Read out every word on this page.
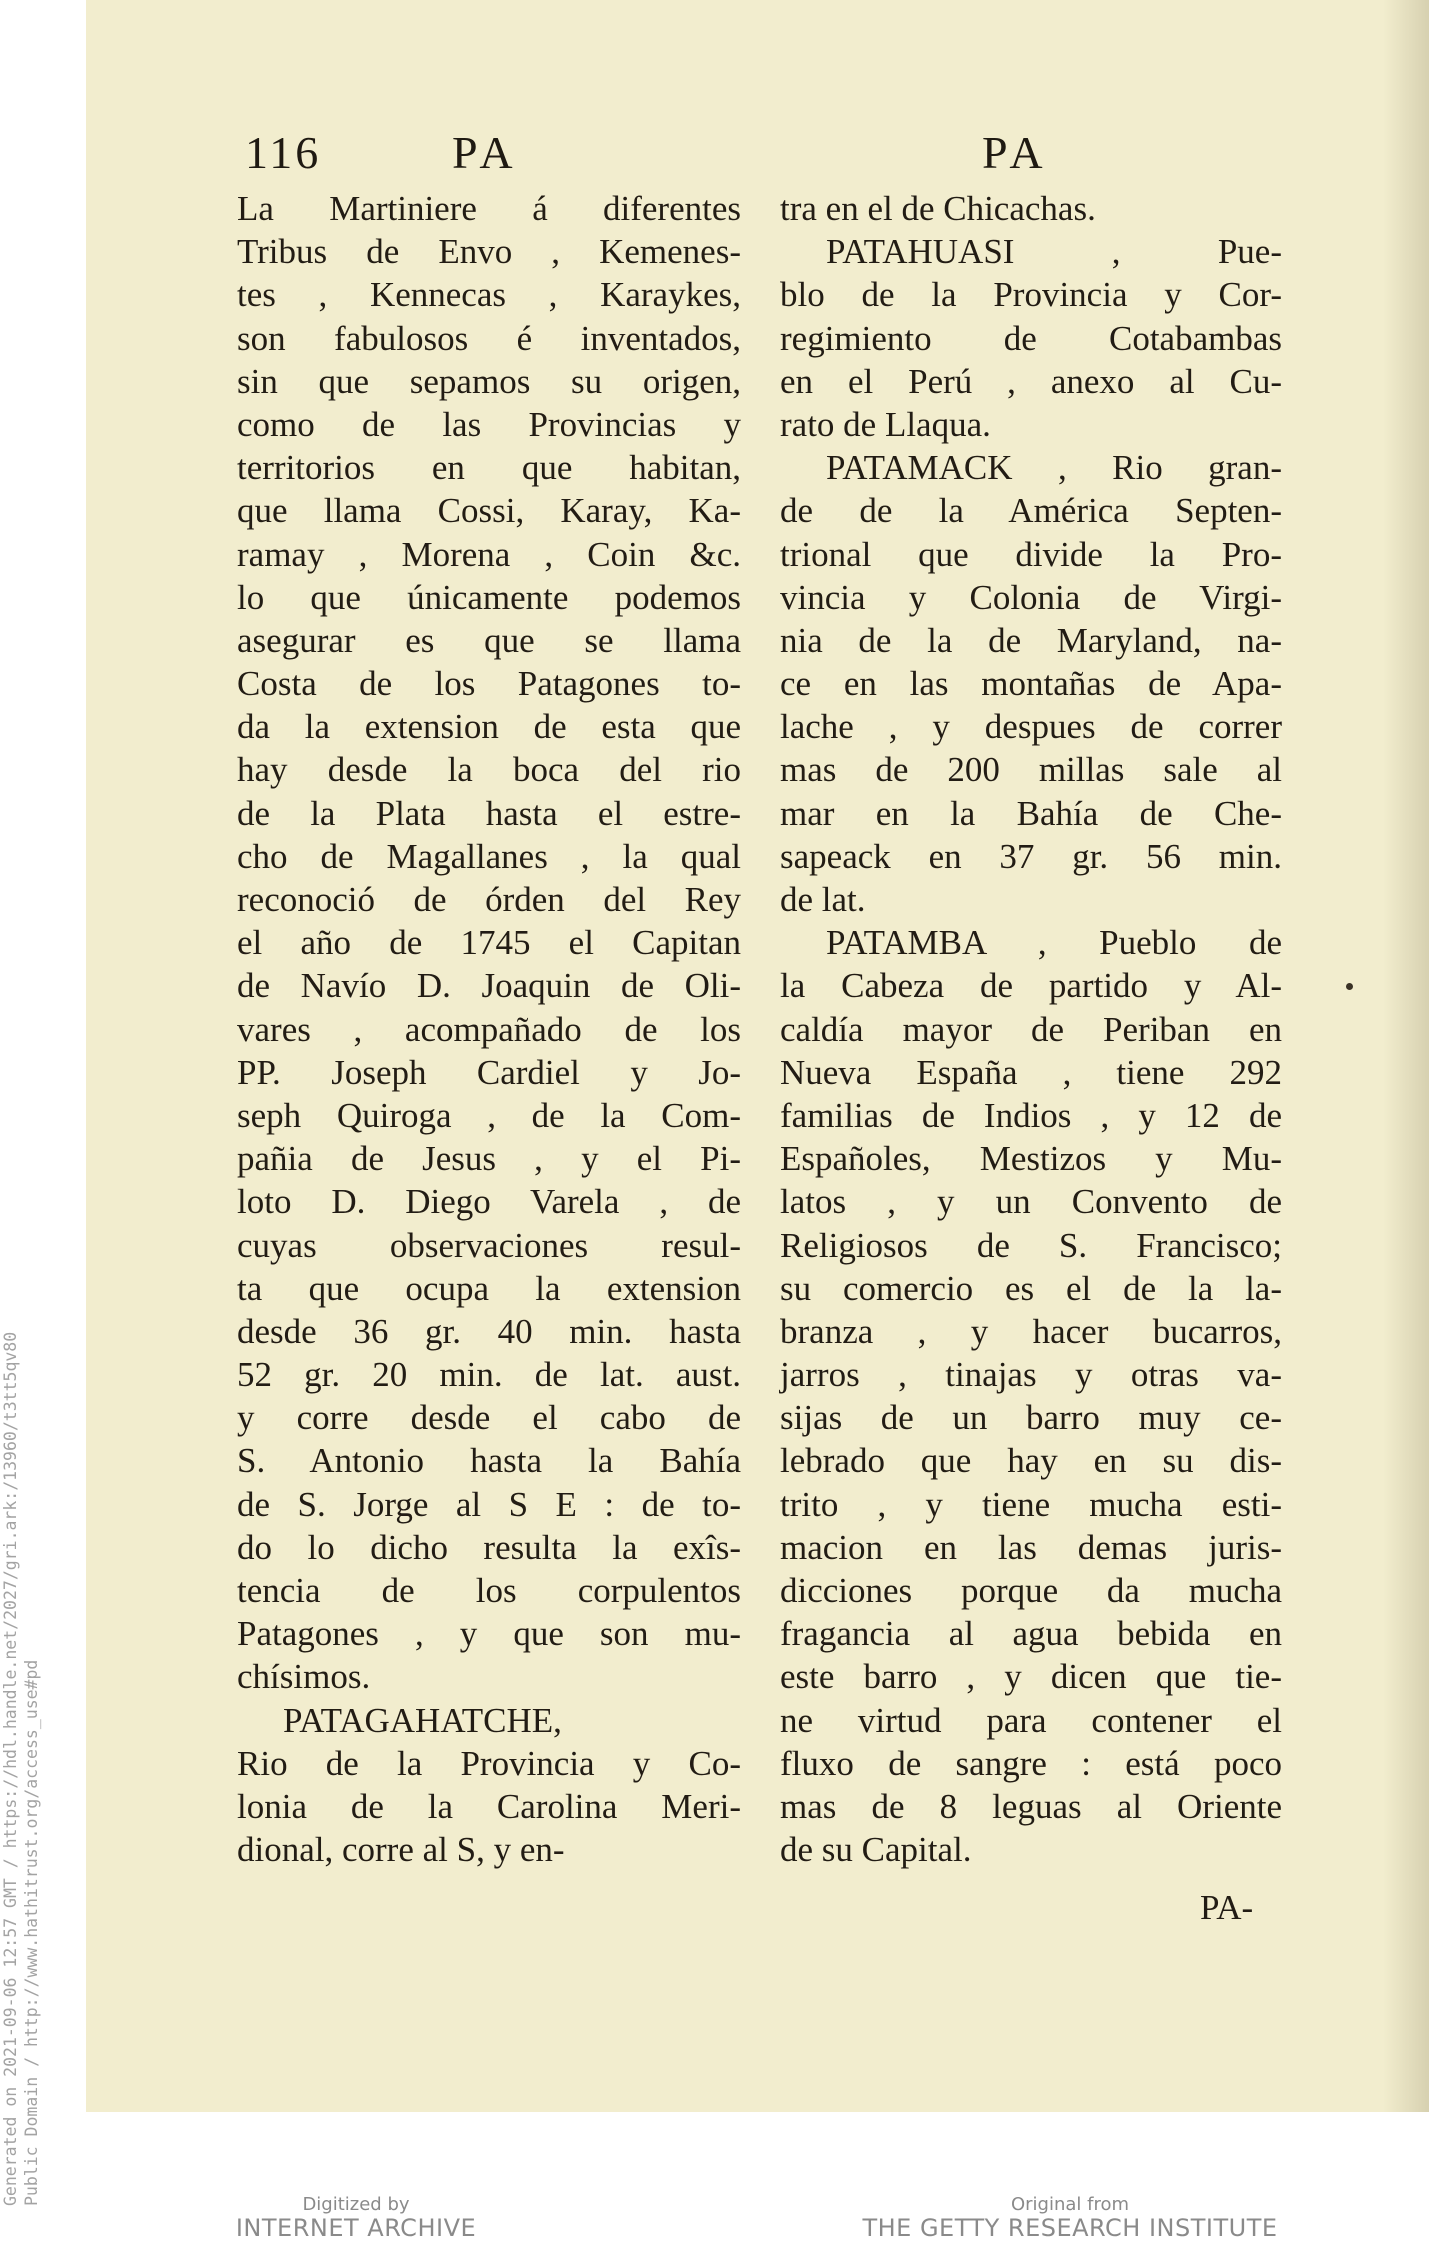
116	PA	PA
La Martiniere á diferentes
Tribus de Envo , Kemenes-
tes , Kennecas , Karaykes,
son fabulosos é inventados,
sin que sepamos su origen,
como de las Provincias y
territorios en que habitan,
que llama Cossi, Karay, Ka-
ramay , Morena , Coin &c.
lo que únicamente podemos
asegurar es que se llama
Costa de los Patagones to-
da la extension de esta que
hay desde la boca del rio
de la Plata hasta el estre-
cho de Magallanes , la qual
reconoció de órden del Rey
el año de 1745 el Capitan
de Navío D. Joaquin de Oli-
vares , acompañado de los
PP. Joseph Cardiel y Jo-
seph Quiroga , de la Com-
pañia de Jesus , y el Pi-
loto D. Diego Varela , de
cuyas observaciones resul-
ta que ocupa la extension
desde 36 gr. 40 min. hasta
52 gr. 20 min. de lat. aust.
y corre desde el cabo de
S. Antonio hasta la Bahía
de S. Jorge al S E : de to-
do lo dicho resulta la exîs-
tencia de los corpulentos
Patagones , y que son mu-
chísimos.
PATAGAHATCHE,
Rio de la Provincia y Co-
lonia de la Carolina Meri-
dional, corre al S, y en-
tra en el de Chicachas.
PATAHUASI , Pue-
blo de la Provincia y Cor-
regimiento de Cotabambas
en el Perú , anexo al Cu-
rato de Llaqua.
PATAMACK , Rio gran-
de de la América Septen-
trional que divide la Pro-
vincia y Colonia de Virgi-
nia de la de Maryland, na-
ce en las montañas de Apa-
lache , y despues de correr
mas de 200 millas sale al
mar en la Bahía de Che-
sapeack en 37 gr. 56 min.
de lat.
PATAMBA , Pueblo de
la Cabeza de partido y Al-
caldía mayor de Periban en
Nueva España , tiene 292
familias de Indios , y 12 de
Españoles, Mestizos y Mu-
latos , y un Convento de
Religiosos de S. Francisco;
su comercio es el de la la-
branza , y hacer bucarros,
jarros , tinajas y otras va-
sijas de un barro muy ce-
lebrado que hay en su dis-
trito , y tiene mucha esti-
macion en las demas juris-
dicciones porque da mucha
fragancia al agua bebida en
este barro , y dicen que tie-
ne virtud para contener el
fluxo de sangre : está poco
mas de 8 leguas al Oriente
de su Capital.
PA-
Generated on 2021-09-06 12:57 GMT / https://hdl.handle.net/2027/gri.ark:/13960/t3tt5qv80 Public Domain / http://www.hathitrust.org/access_use#pd	Digitized by
INTERNET ARCHIVE
Original from
THE GETTY RESEARCH INSTITUTE
